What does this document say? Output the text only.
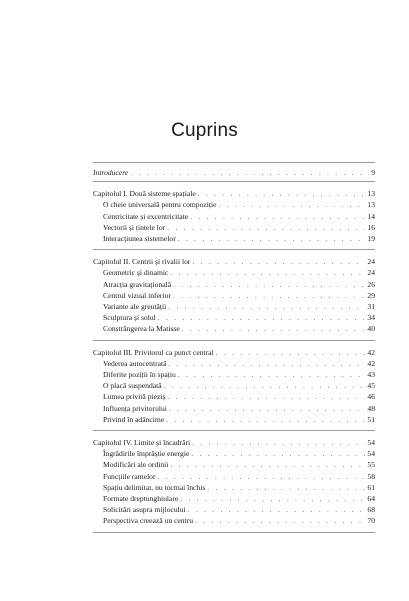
Cuprins
Introducere . . .	9
Capitolul I. Două sisteme spațiale . . .	13
O cheie universală pentru compoziție . . .	13
Centricitate și excentricitate . . .	14
Vectorii și țintele lor . . .	16
Interacțiunea sistemelor . . .	19
Capitolul II. Centrii și rivalii lor . . .	24
Geometric și dinamic . . .	24
Atracția gravitațională . . .	26
Centrul vizual inferior . . .	29
Variante ale greutății . . .	31
Sculptura și solul . . .	34
Constrângerea la Matisse . . .	40
Capitolul III. Privitorul ca punct central . . .	42
Vederea autocentrată . . .	42
Diferite poziții în spațiu . . .	43
O placă suspendată . . .	45
Lumea privită pieziș . . .	46
Influența privitorului . . .	48
Privind în adâncime . . .	51
Capitolul IV. Limite și încadrări . . .	54
Îngrădirile împrăștie energie . . .	54
Modificări ale ordinii . . .	55
Funcțiile ramelor . . .	58
Spațiu delimitat, nu tocmai închis . . .	61
Formate dreptunghiulare . . .	64
Solicitări asupra mijlocului . . .	68
Perspectiva creează un centru . . .	70
